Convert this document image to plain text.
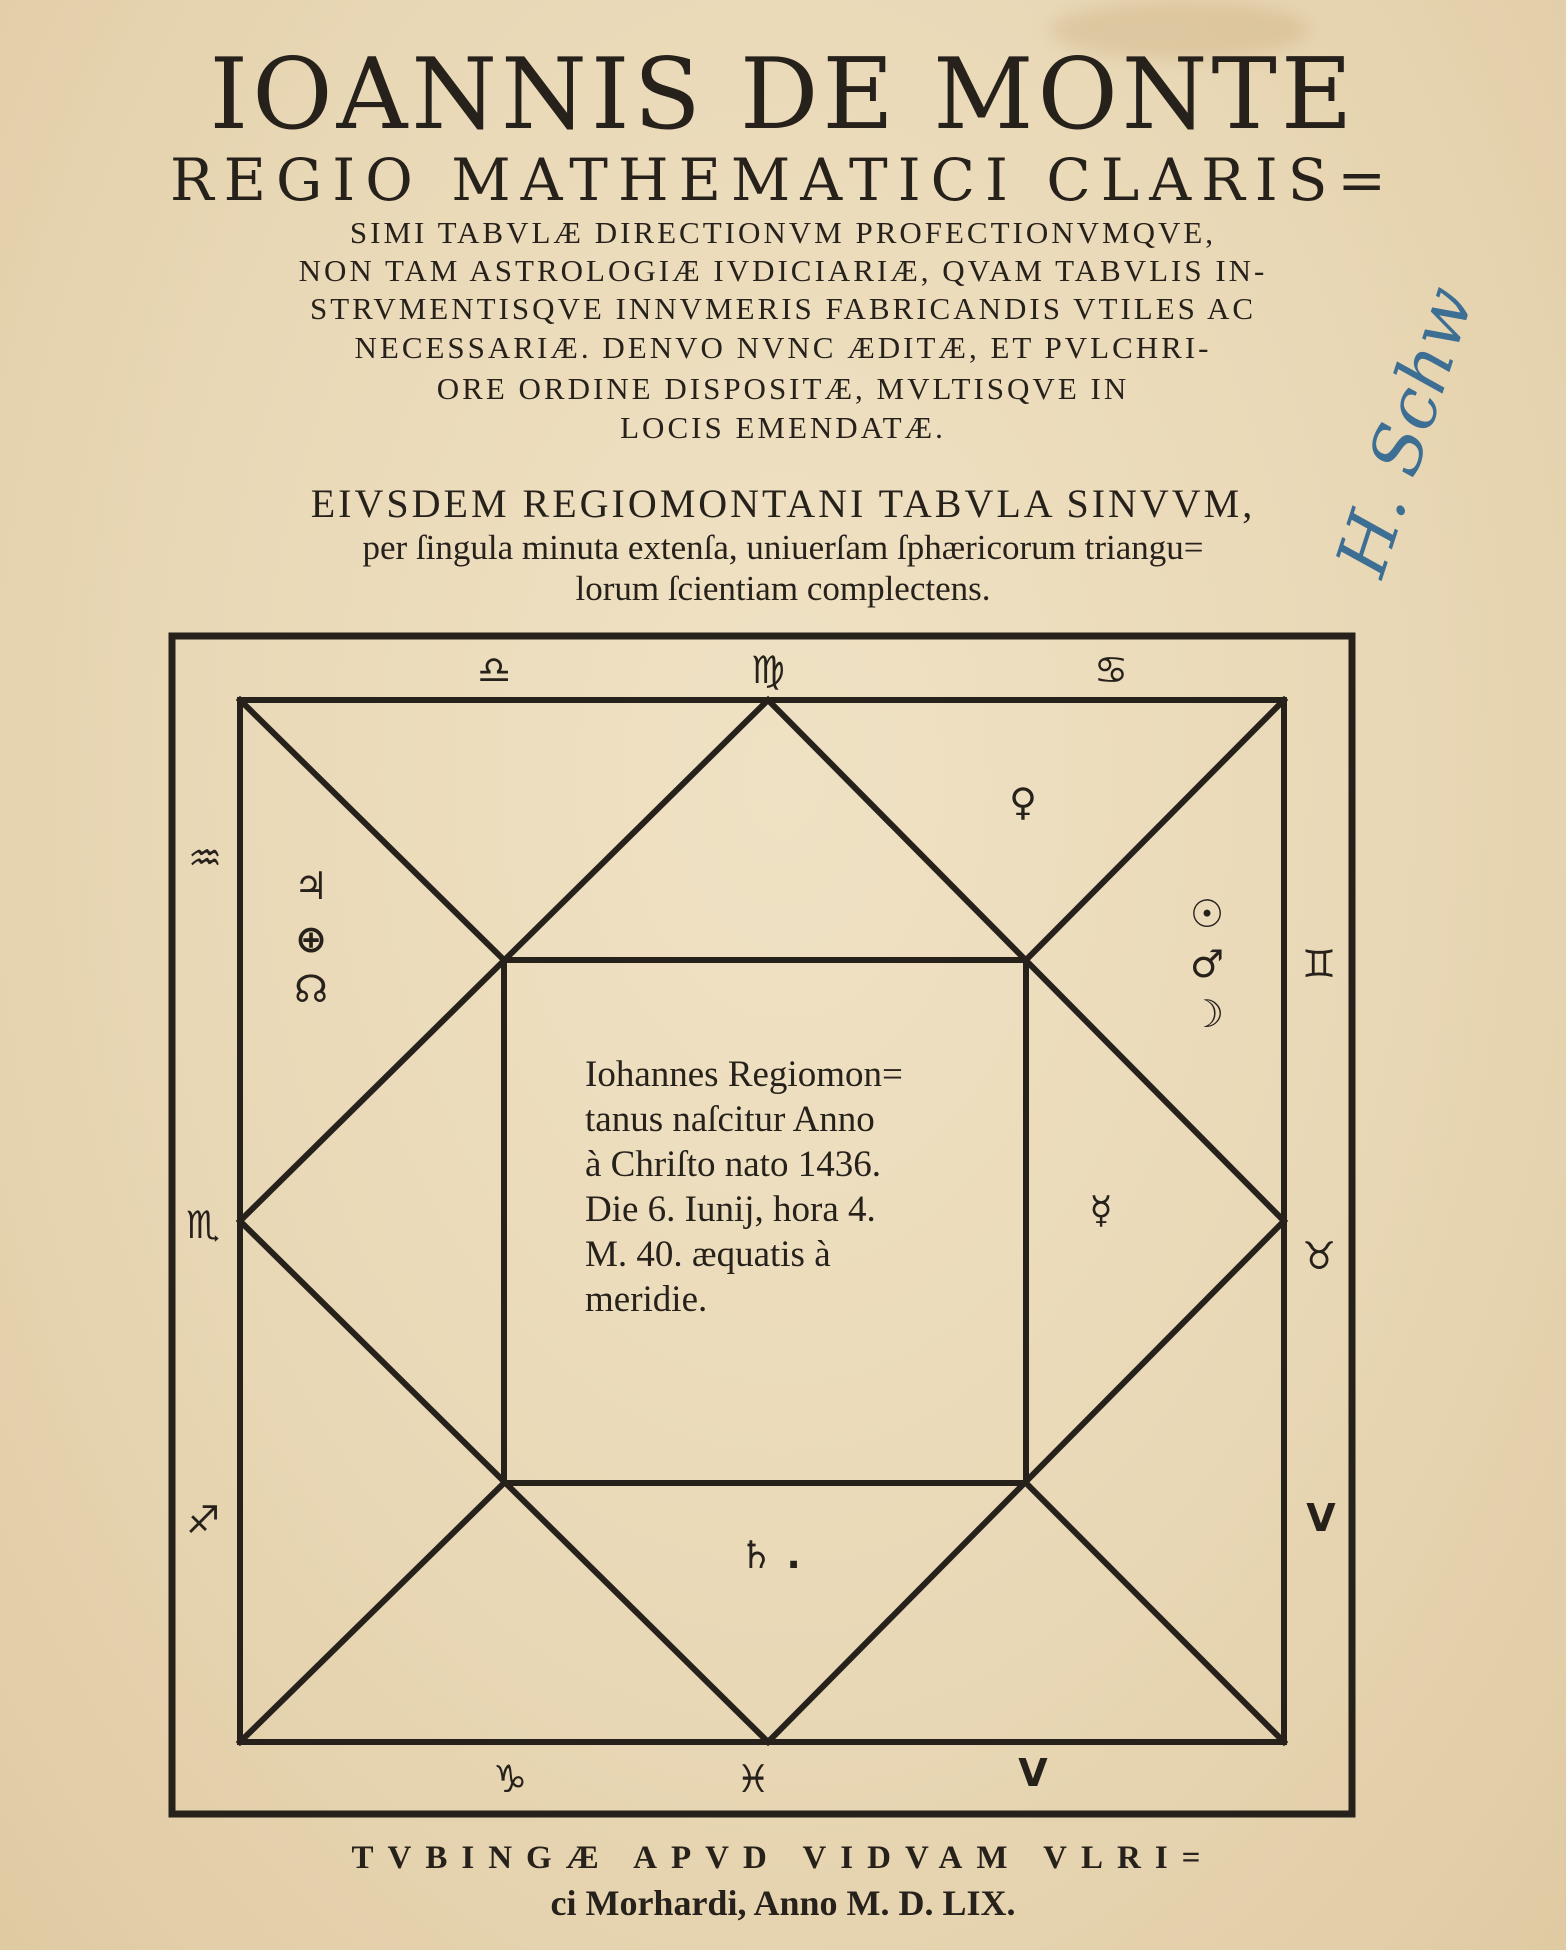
IOANNIS DE MONTE
REGIO MATHEMATICI CLARIS=
SIMI TABVLÆ DIRECTIONVM PROFECTIONVMQVE,
NON TAM ASTROLOGIÆ IVDICIARIÆ, QVAM TABVLIS IN-
STRVMENTISQVE INNVMERIS FABRICANDIS VTILES AC
NECESSARIÆ. DENVO NVNC ÆDITÆ, ET PVLCHRI-
ORE ORDINE DISPOSITÆ, MVLTISQVE IN
LOCIS EMENDATÆ.
EIVSDEM REGIOMONTANI TABVLA SINVVM,
per ſingula minuta extenſa, uniuerſam ſphæricorum triangu=
lorum ſcientiam complectens.
♎	♍	♋
♒
♏
♐
♑	♓	V
♊
♉
V
♀
♃
⊕
☊
☉
♂
☽
☿
♄ .
Iohannes Regiomon=
tanus naſcitur Anno
à Chriſto nato 1436.
Die 6. Iunij, hora 4.
M. 40. æquatis à
meridie.
TVBINGÆ APVD VIDVAM VLRI=
ci Morhardi, Anno M. D. LIX.
H. Schw
